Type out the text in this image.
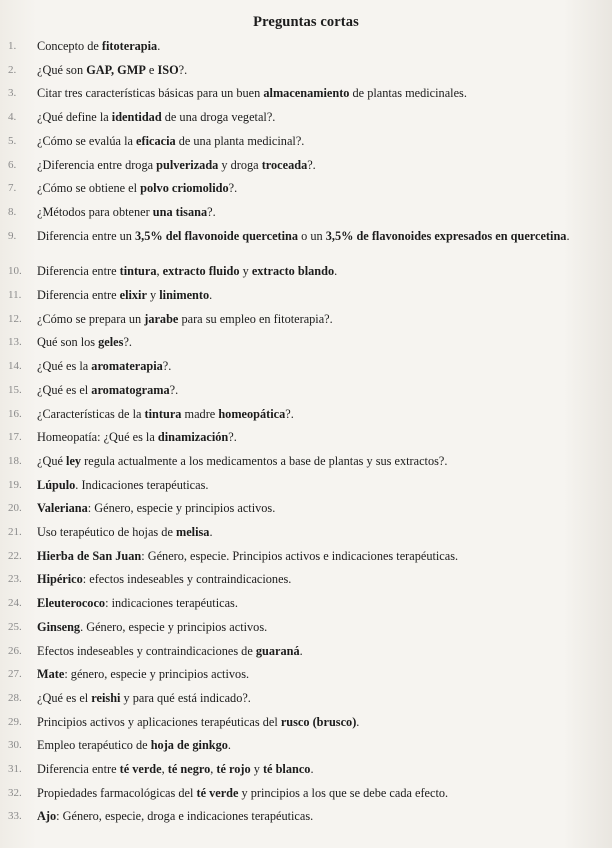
Preguntas cortas
1.	Concepto de fitoterapia.
2.	¿Qué son GAP, GMP e ISO?.
3.	Citar tres características básicas para un buen almacenamiento de plantas medicinales.
4.	¿Qué define la identidad de una droga vegetal?.
5.	¿Cómo se evalúa la eficacia de una planta medicinal?.
6.	¿Diferencia entre droga pulverizada y droga troceada?.
7.	¿Cómo se obtiene el polvo criomolido?.
8.	¿Métodos para obtener una tisana?.
9.	Diferencia entre un 3,5% del flavonoide quercetina o un 3,5% de flavonoides expresados en quercetina.
10.	Diferencia entre tintura, extracto fluido y extracto blando.
11.	Diferencia entre elixir y linimento.
12.	¿Cómo se prepara un jarabe para su empleo en fitoterapia?.
13.	Qué son los geles?.
14.	¿Qué es la aromaterapia?.
15.	¿Qué es el aromatograma?.
16.	¿Características de la tintura madre homeopática?.
17.	Homeopatía: ¿Qué es la dinamización?.
18.	¿Qué ley regula actualmente a los medicamentos a base de plantas y sus extractos?.
19.	Lúpulo. Indicaciones terapéuticas.
20.	Valeriana: Género, especie y principios activos.
21.	Uso terapéutico de hojas de melisa.
22.	Hierba de San Juan: Género, especie. Principios activos e indicaciones terapéuticas.
23.	Hipérico: efectos indeseables y contraindicaciones.
24.	Eleuterococo: indicaciones terapéuticas.
25.	Ginseng. Género, especie y principios activos.
26.	Efectos indeseables y contraindicaciones de guaraná.
27.	Mate: género, especie y principios activos.
28.	¿Qué es el reishi y para qué está indicado?.
29.	Principios activos y aplicaciones terapéuticas del rusco (brusco).
30.	Empleo terapéutico de hoja de ginkgo.
31.	Diferencia entre té verde, té negro, té rojo y té blanco.
32.	Propiedades farmacológicas del té verde y principios a los que se debe cada efecto.
33.	Ajo: Género, especie, droga e indicaciones terapéuticas.
